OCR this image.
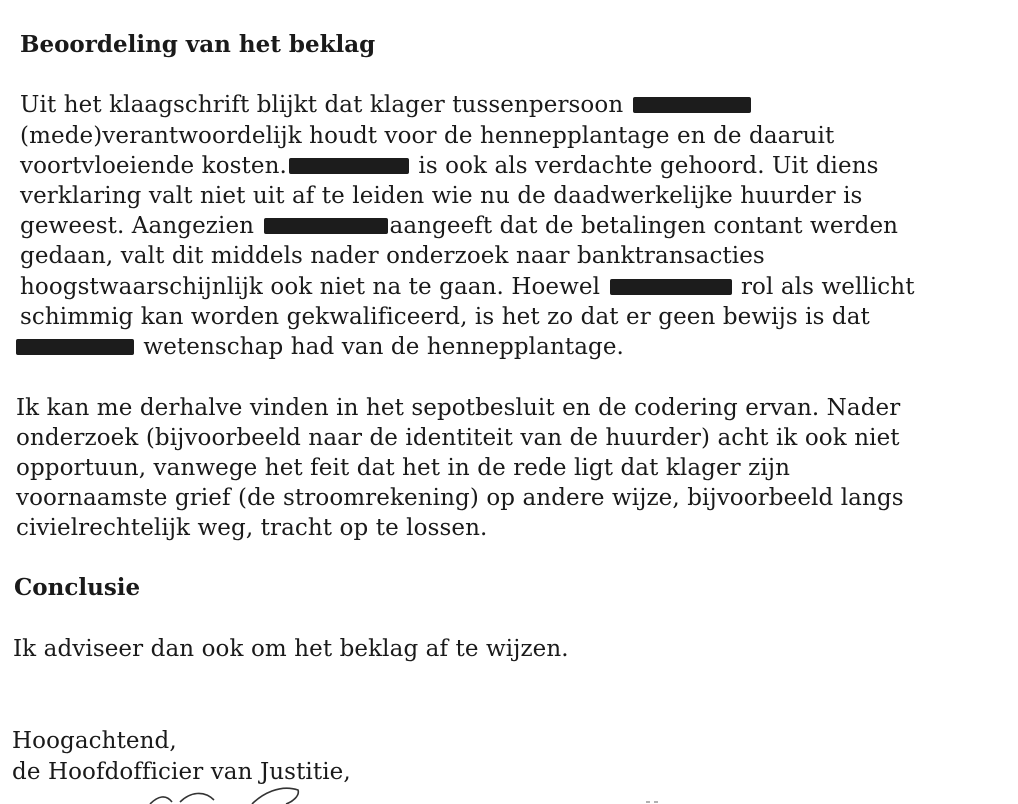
Beoordeling van het beklag
Uit het klaagschrift blijkt dat klager tussenpersoon
(mede)verantwoordelijk houdt voor de hennepplantage en de daaruit
voortvloeiende kosten.	is ook als verdachte gehoord. Uit diens
verklaring valt niet uit af te leiden wie nu de daadwerkelijke huurder is
geweest. Aangezien	aangeeft dat de betalingen contant werden
gedaan, valt dit middels nader onderzoek naar banktransacties
hoogstwaarschijnlijk ook niet na te gaan. Hoewel	rol als wellicht
schimmig kan worden gekwalificeerd, is het zo dat er geen bewijs is dat
wetenschap had van de hennepplantage.
Ik kan me derhalve vinden in het sepotbesluit en de codering ervan. Nader
onderzoek (bijvoorbeeld naar de identiteit van de huurder) acht ik ook niet
opportuun, vanwege het feit dat het in de rede ligt dat klager zijn
voornaamste grief (de stroomrekening) op andere wijze, bijvoorbeeld langs
civielrechtelijk weg, tracht op te lossen.
Conclusie
Ik adviseer dan ook om het beklag af te wijzen.
Hoogachtend,
de Hoofdofficier van Justitie,
